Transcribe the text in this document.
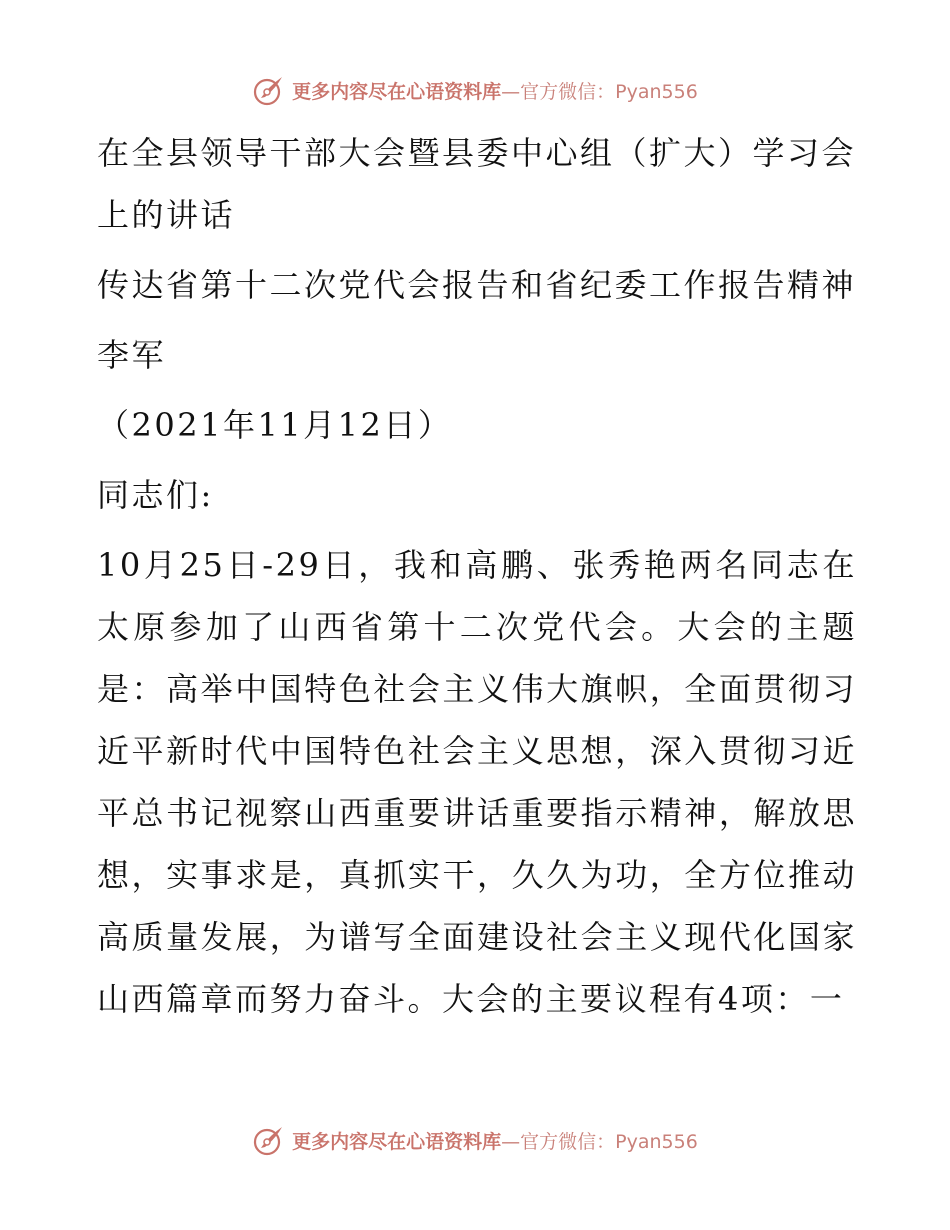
更多内容尽在心语资料库—官方微信：Pyan556

在全县领导干部大会暨县委中心组（扩大）学习会上的讲话

传达省第十二次党代会报告和省纪委工作报告精神

李军

（2021年11月12日）

同志们:

10月25日-29日，我和高鹏、张秀艳两名同志在太原参加了山西省第十二次党代会。大会的主题是：高举中国特色社会主义伟大旗帜，全面贯彻习近平新时代中国特色社会主义思想，深入贯彻习近平总书记视察山西重要讲话重要指示精神，解放思想，实事求是，真抓实干，久久为功，全方位推动高质量发展，为谱写全面建设社会主义现代化国家山西篇章而努力奋斗。大会的主要议程有4项：一

更多内容尽在心语资料库—官方微信：Pyan556
